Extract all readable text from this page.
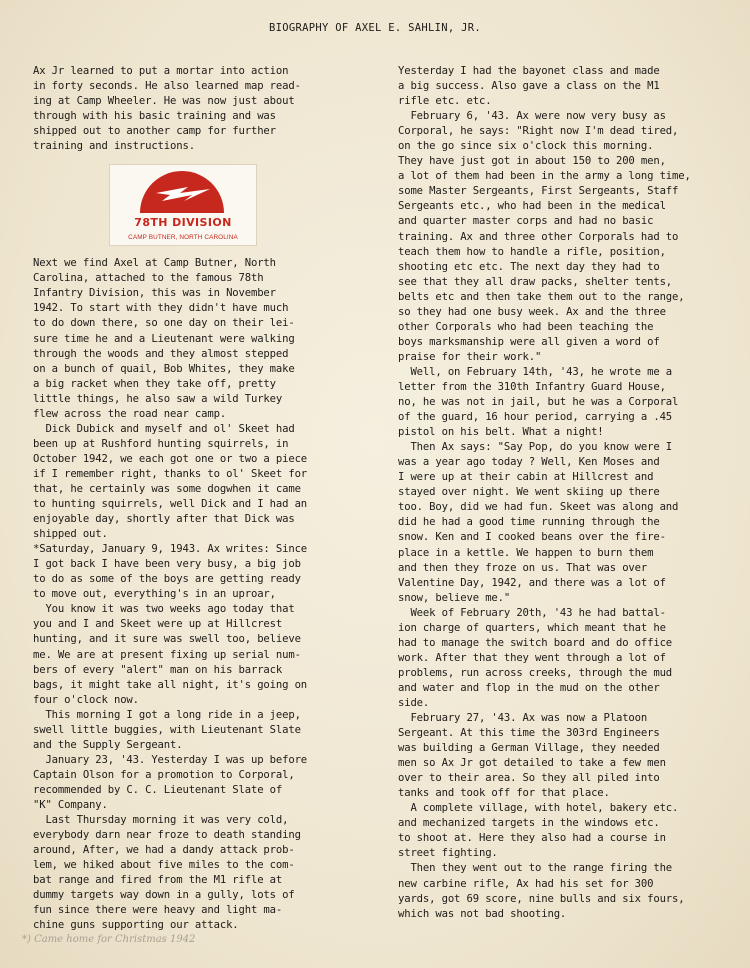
BIOGRAPHY OF AXEL E. SAHLIN, JR.
Ax Jr learned to put a mortar into action
in forty seconds. He also learned map read-
ing at Camp Wheeler. He was now just about
through with his basic training and was
shipped out to another camp for further
training and instructions.
78TH DIVISION
CAMP BUTNER, NORTH CAROLINA
Next we find Axel at Camp Butner, North
Carolina, attached to the famous 78th
Infantry Division, this was in November
1942. To start with they didn't have much
to do down there, so one day on their lei-
sure time he and a Lieutenant were walking
through the woods and they almost stepped
on a bunch of quail, Bob Whites, they make
a big racket when they take off, pretty
little things, he also saw a wild Turkey
flew across the road near camp.
Dick Dubick and myself and ol' Skeet had
been up at Rushford hunting squirrels, in
October 1942, we each got one or two a piece
if I remember right, thanks to ol' Skeet for
that, he certainly was some dogwhen it came
to hunting squirrels, well Dick and I had an
enjoyable day, shortly after that Dick was
shipped out.
*Saturday, January 9, 1943. Ax writes: Since
I got back I have been very busy, a big job
to do as some of the boys are getting ready
to move out, everything's in an uproar,
You know it was two weeks ago today that
you and I and Skeet were up at Hillcrest
hunting, and it sure was swell too, believe
me. We are at present fixing up serial num-
bers of every "alert" man on his barrack
bags, it might take all night, it's going on
four o'clock now.
This morning I got a long ride in a jeep,
swell little buggies, with Lieutenant Slate
and the Supply Sergeant.
January 23, '43. Yesterday I was up before
Captain Olson for a promotion to Corporal,
recommended by C. C. Lieutenant Slate of
"K" Company.
Last Thursday morning it was very cold,
everybody darn near froze to death standing
around, After, we had a dandy attack prob-
lem, we hiked about five miles to the com-
bat range and fired from the M1 rifle at
dummy targets way down in a gully, lots of
fun since there were heavy and light ma-
chine guns supporting our attack.
Yesterday I had the bayonet class and made
a big success. Also gave a class on the M1
rifle etc. etc.
February 6, '43. Ax were now very busy as
Corporal, he says: "Right now I'm dead tired,
on the go since six o'clock this morning.
They have just got in about 150 to 200 men,
a lot of them had been in the army a long time,
some Master Sergeants, First Sergeants, Staff
Sergeants etc., who had been in the medical
and quarter master corps and had no basic
training. Ax and three other Corporals had to
teach them how to handle a rifle, position,
shooting etc etc. The next day they had to
see that they all draw packs, shelter tents,
belts etc and then take them out to the range,
so they had one busy week. Ax and the three
other Corporals who had been teaching the
boys marksmanship were all given a word of
praise for their work."
Well, on February 14th, '43, he wrote me a
letter from the 310th Infantry Guard House,
no, he was not in jail, but he was a Corporal
of the guard, 16 hour period, carrying a .45
pistol on his belt. What a night!
Then Ax says: "Say Pop, do you know were I
was a year ago today ? Well, Ken Moses and
I were up at their cabin at Hillcrest and
stayed over night. We went skiing up there
too. Boy, did we had fun. Skeet was along and
did he had a good time running through the
snow. Ken and I cooked beans over the fire-
place in a kettle. We happen to burn them
and then they froze on us. That was over
Valentine Day, 1942, and there was a lot of
snow, believe me."
Week of February 20th, '43 he had battal-
ion charge of quarters, which meant that he
had to manage the switch board and do office
work. After that they went through a lot of
problems, run across creeks, through the mud
and water and flop in the mud on the other
side.
February 27, '43. Ax was now a Platoon
Sergeant. At this time the 303rd Engineers
was building a German Village, they needed
men so Ax Jr got detailed to take a few men
over to their area. So they all piled into
tanks and took off for that place.
A complete village, with hotel, bakery etc.
and mechanized targets in the windows etc.
to shoot at. Here they also had a course in
street fighting.
Then they went out to the range firing the
new carbine rifle, Ax had his set for 300
yards, got 69 score, nine bulls and six fours,
which was not bad shooting.
*) Came home for Christmas 1942
